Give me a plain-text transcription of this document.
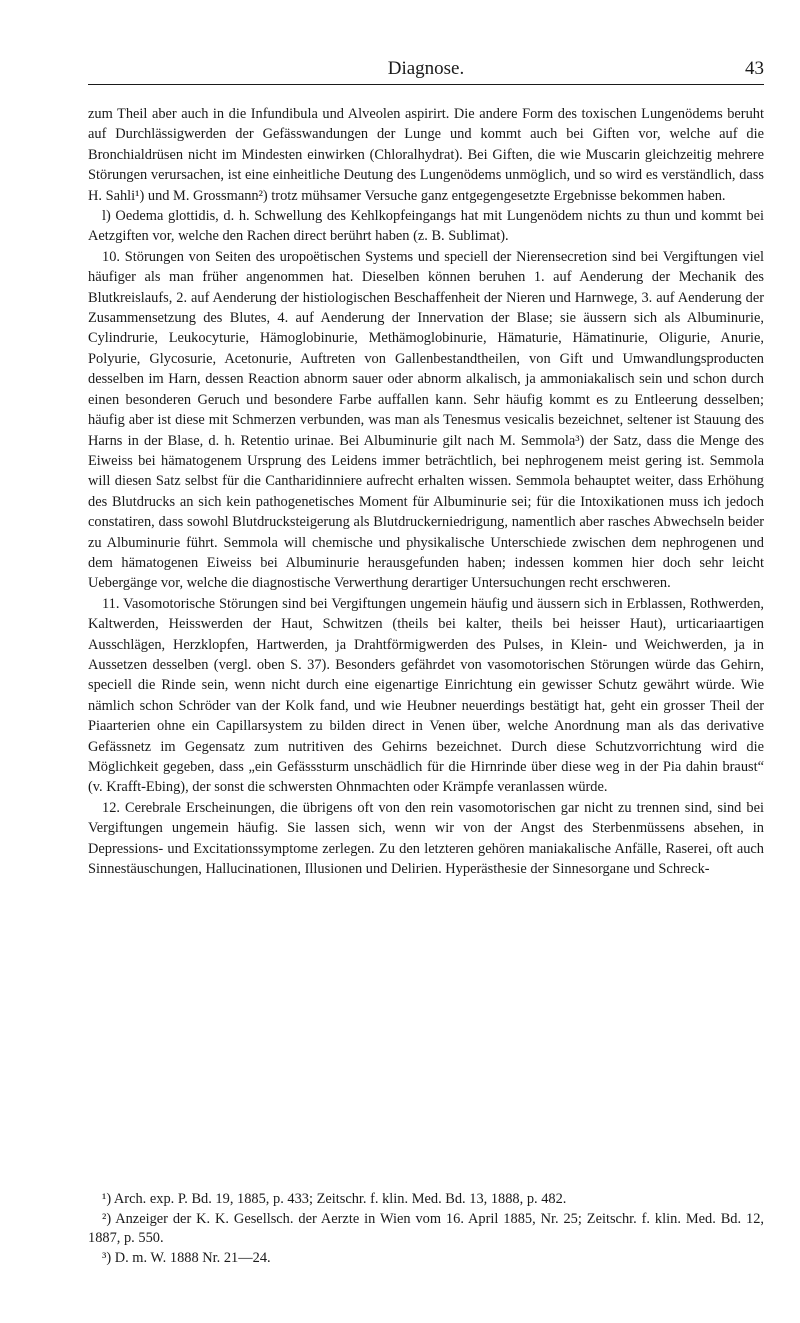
Diagnose.	43

zum Theil aber auch in die Infundibula und Alveolen aspirirt. Die andere Form des toxischen Lungenödems beruht auf Durchlässigwerden der Gefässwandungen der Lunge und kommt auch bei Giften vor, welche auf die Bronchialdrüsen nicht im Mindesten einwirken (Chloralhydrat). Bei Giften, die wie Muscarin gleichzeitig mehrere Störungen verursachen, ist eine einheitliche Deutung des Lungenödems unmöglich, und so wird es verständlich, dass H. Sahli¹) und M. Grossmann²) trotz mühsamer Versuche ganz entgegengesetzte Ergebnisse bekommen haben.

l) Oedema glottidis, d. h. Schwellung des Kehlkopfeingangs hat mit Lungenödem nichts zu thun und kommt bei Aetzgiften vor, welche den Rachen direct berührt haben (z. B. Sublimat).

10. Störungen von Seiten des uropoëtischen Systems und speciell der Nierensecretion sind bei Vergiftungen viel häufiger als man früher angenommen hat. Dieselben können beruhen 1. auf Aenderung der Mechanik des Blutkreislaufs, 2. auf Aenderung der histiologischen Beschaffenheit der Nieren und Harnwege, 3. auf Aenderung der Zusammensetzung des Blutes, 4. auf Aenderung der Innervation der Blase; sie äussern sich als Albuminurie, Cylindrurie, Leukocyturie, Hämoglobinurie, Methämoglobinurie, Hämaturie, Hämatinurie, Oligurie, Anurie, Polyurie, Glycosurie, Acetonurie, Auftreten von Gallenbestandtheilen, von Gift und Umwandlungsproducten desselben im Harn, dessen Reaction abnorm sauer oder abnorm alkalisch, ja ammoniakalisch sein und schon durch einen besonderen Geruch und besondere Farbe auffallen kann. Sehr häufig kommt es zu Entleerung desselben; häufig aber ist diese mit Schmerzen verbunden, was man als Tenesmus vesicalis bezeichnet, seltener ist Stauung des Harns in der Blase, d. h. Retentio urinae. Bei Albuminurie gilt nach M. Semmola³) der Satz, dass die Menge des Eiweiss bei hämatogenem Ursprung des Leidens immer beträchtlich, bei nephrogenem meist gering ist. Semmola will diesen Satz selbst für die Cantharidinniere aufrecht erhalten wissen. Semmola behauptet weiter, dass Erhöhung des Blutdrucks an sich kein pathogenetisches Moment für Albuminurie sei; für die Intoxikationen muss ich jedoch constatiren, dass sowohl Blutdrucksteigerung als Blutdruckerniedrigung, namentlich aber rasches Abwechseln beider zu Albuminurie führt. Semmola will chemische und physikalische Unterschiede zwischen dem nephrogenen und dem hämatogenen Eiweiss bei Albuminurie herausgefunden haben; indessen kommen hier doch sehr leicht Uebergänge vor, welche die diagnostische Verwerthung derartiger Untersuchungen recht erschweren.

11. Vasomotorische Störungen sind bei Vergiftungen ungemein häufig und äussern sich in Erblassen, Rothwerden, Kaltwerden, Heisswerden der Haut, Schwitzen (theils bei kalter, theils bei heisser Haut), urticariaartigen Ausschlägen, Herzklopfen, Hartwerden, ja Drahtförmigwerden des Pulses, in Klein- und Weichwerden, ja in Aussetzen desselben (vergl. oben S. 37). Besonders gefährdet von vasomotorischen Störungen würde das Gehirn, speciell die Rinde sein, wenn nicht durch eine eigenartige Einrichtung ein gewisser Schutz gewährt würde. Wie nämlich schon Schröder van der Kolk fand, und wie Heubner neuerdings bestätigt hat, geht ein grosser Theil der Piaarterien ohne ein Capillarsystem zu bilden direct in Venen über, welche Anordnung man als das derivative Gefässnetz im Gegensatz zum nutritiven des Gehirns bezeichnet. Durch diese Schutzvorrichtung wird die Möglichkeit gegeben, dass „ein Gefässsturm unschädlich für die Hirnrinde über diese weg in der Pia dahin braust“ (v. Krafft-Ebing), der sonst die schwersten Ohnmachten oder Krämpfe veranlassen würde.

12. Cerebrale Erscheinungen, die übrigens oft von den rein vasomotorischen gar nicht zu trennen sind, sind bei Vergiftungen ungemein häufig. Sie lassen sich, wenn wir von der Angst des Sterbenmüssens absehen, in Depressions- und Excitationssymptome zerlegen. Zu den letzteren gehören maniakalische Anfälle, Raserei, oft auch Sinnestäuschungen, Hallucinationen, Illusionen und Delirien. Hyperästhesie der Sinnesorgane und Schreck-

¹) Arch. exp. P. Bd. 19, 1885, p. 433; Zeitschr. f. klin. Med. Bd. 13, 1888, p. 482.

²) Anzeiger der K. K. Gesellsch. der Aerzte in Wien vom 16. April 1885, Nr. 25; Zeitschr. f. klin. Med. Bd. 12, 1887, p. 550.

³) D. m. W. 1888 Nr. 21—24.
